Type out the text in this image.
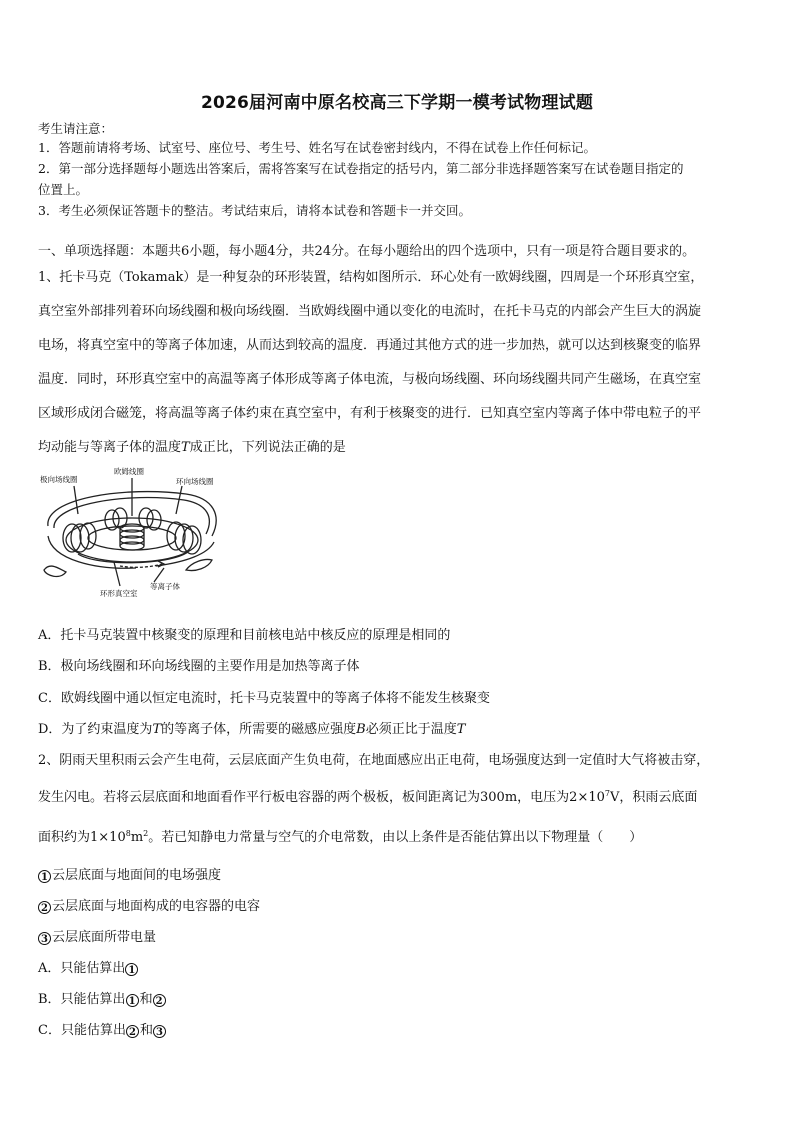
2026届河南中原名校高三下学期一模考试物理试题
考生请注意：
1．答题前请将考场、试室号、座位号、考生号、姓名写在试卷密封线内，不得在试卷上作任何标记。
2．第一部分选择题每小题选出答案后，需将答案写在试卷指定的括号内，第二部分非选择题答案写在试卷题目指定的
位置上。
3．考生必须保证答题卡的整洁。考试结束后，请将本试卷和答题卡一并交回。
一、单项选择题：本题共6小题，每小题4分，共24分。在每小题给出的四个选项中，只有一项是符合题目要求的。
1、托卡马克（Tokamak）是一种复杂的环形装置，结构如图所示．环心处有一欧姆线圈，四周是一个环形真空室，
真空室外部排列着环向场线圈和极向场线圈．当欧姆线圈中通以变化的电流时，在托卡马克的内部会产生巨大的涡旋
电场，将真空室中的等离子体加速，从而达到较高的温度．再通过其他方式的进一步加热，就可以达到核聚变的临界
温度．同时，环形真空室中的高温等离子体形成等离子体电流，与极向场线圈、环向场线圈共同产生磁场，在真空室
区域形成闭合磁笼，将高温等离子体约束在真空室中，有利于核聚变的进行．已知真空室内等离子体中带电粒子的平
均动能与等离子体的温度T成正比，下列说法正确的是
极向场线圈
欧姆线圈
环向场线圈
等离子体
环形真空室
A．托卡马克装置中核聚变的原理和目前核电站中核反应的原理是相同的
B．极向场线圈和环向场线圈的主要作用是加热等离子体
C．欧姆线圈中通以恒定电流时，托卡马克装置中的等离子体将不能发生核聚变
D．为了约束温度为T的等离子体，所需要的磁感应强度B必须正比于温度T
2、阴雨天里积雨云会产生电荷，云层底面产生负电荷，在地面感应出正电荷，电场强度达到一定值时大气将被击穿，
发生闪电。若将云层底面和地面看作平行板电容器的两个极板，板间距离记为300m，电压为$2\times 10^7V$，积雨云底面
面积约为$1\times 10^8m^2$。若已知静电力常量与空气的介电常数，由以上条件是否能估算出以下物理量（　　）
1 云层底面与地面间的电场强度
2 云层底面与地面构成的电容器的电容
3 云层底面所带电量
A．只能估算出 1
B．只能估算出 1 和 2
C．只能估算出 2 和 3
